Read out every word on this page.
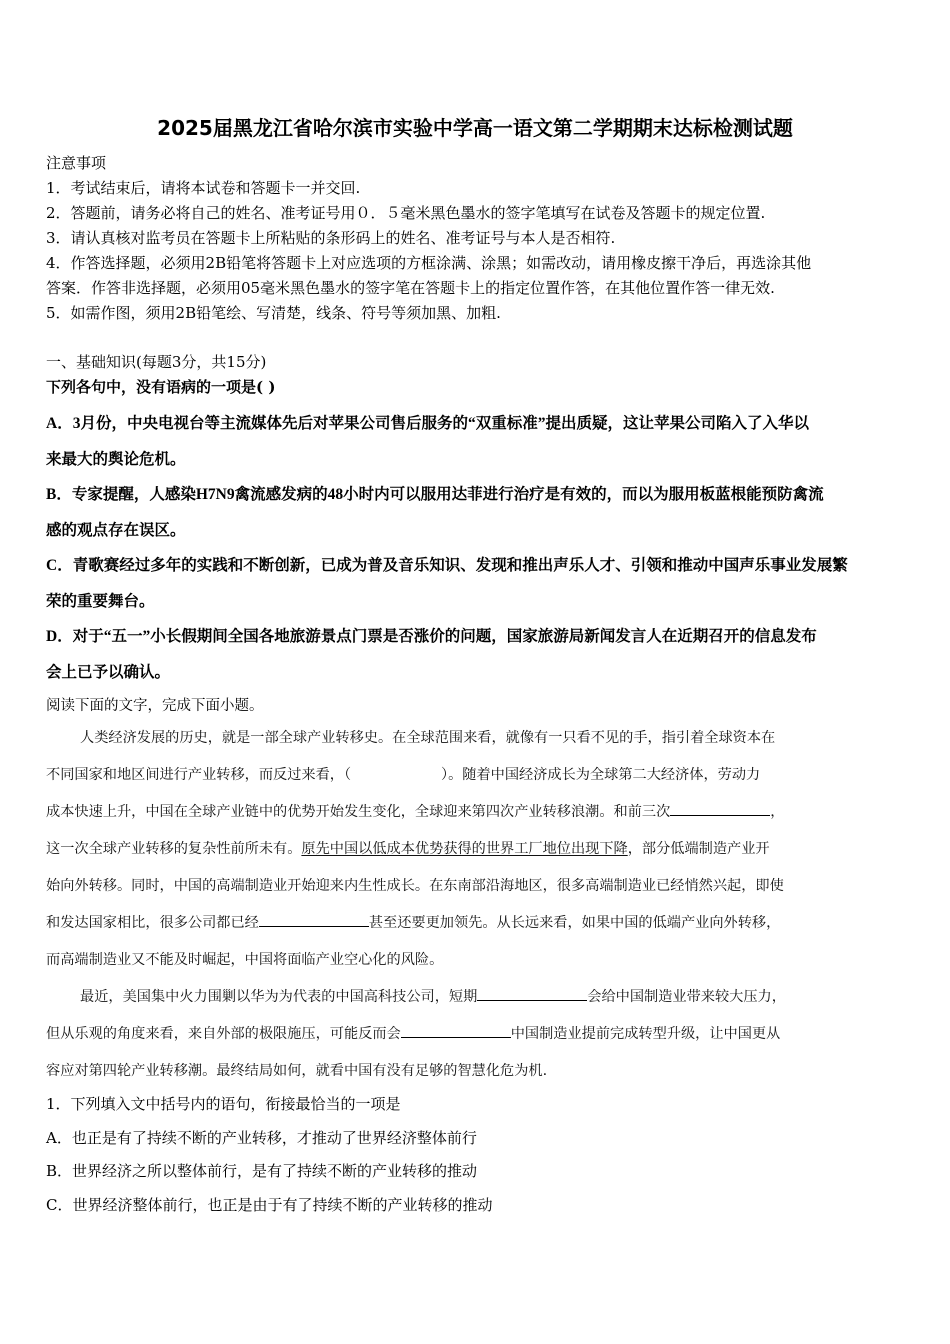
2025届黑龙江省哈尔滨市实验中学高一语文第二学期期末达标检测试题
注意事项
1．考试结束后，请将本试卷和答题卡一并交回.
2．答题前，请务必将自己的姓名、准考证号用０．５毫米黑色墨水的签字笔填写在试卷及答题卡的规定位置.
3．请认真核对监考员在答题卡上所粘贴的条形码上的姓名、准考证号与本人是否相符.
4．作答选择题，必须用2B铅笔将答题卡上对应选项的方框涂满、涂黑；如需改动，请用橡皮擦干净后，再选涂其他
答案．作答非选择题，必须用05毫米黑色墨水的签字笔在答题卡上的指定位置作答，在其他位置作答一律无效.
5．如需作图，须用2B铅笔绘、写清楚，线条、符号等须加黑、加粗.
一、基础知识(每题3分，共15分)
下列各句中，没有语病的一项是( )
A．3月份，中央电视台等主流媒体先后对苹果公司售后服务的“双重标准”提出质疑，这让苹果公司陷入了入华以
来最大的舆论危机。
B．专家提醒，人感染H7N9禽流感发病的48小时内可以服用达菲进行治疗是有效的，而以为服用板蓝根能预防禽流
感的观点存在误区。
C．青歌赛经过多年的实践和不断创新，已成为普及音乐知识、发现和推出声乐人才、引领和推动中国声乐事业发展繁
荣的重要舞台。
D．对于“五一”小长假期间全国各地旅游景点门票是否涨价的问题，国家旅游局新闻发言人在近期召开的信息发布
会上已予以确认。
阅读下面的文字，完成下面小题。
人类经济发展的历史，就是一部全球产业转移史。在全球范围来看，就像有一只看不见的手，指引着全球资本在
不同国家和地区间进行产业转移，而反过来看，（	）。随着中国经济成长为全球第二大经济体，劳动力
成本快速上升，中国在全球产业链中的优势开始发生变化，全球迎来第四次产业转移浪潮。和前三次	，
这一次全球产业转移的复杂性前所未有。原先中国以低成本优势获得的世界工厂地位出现下降，部分低端制造产业开
始向外转移。同时，中国的高端制造业开始迎来内生性成长。在东南部沿海地区，很多高端制造业已经悄然兴起，即使
和发达国家相比，很多公司都已经	甚至还要更加领先。从长远来看，如果中国的低端产业向外转移，
而高端制造业又不能及时崛起，中国将面临产业空心化的风险。
最近，美国集中火力围剿以华为为代表的中国高科技公司，短期	会给中国制造业带来较大压力，
但从乐观的角度来看，来自外部的极限施压，可能反而会	中国制造业提前完成转型升级，让中国更从
容应对第四轮产业转移潮。最终结局如何，就看中国有没有足够的智慧化危为机.
1．下列填入文中括号内的语句，衔接最恰当的一项是
A．也正是有了持续不断的产业转移，才推动了世界经济整体前行
B．世界经济之所以整体前行，是有了持续不断的产业转移的推动
C．世界经济整体前行，也正是由于有了持续不断的产业转移的推动
